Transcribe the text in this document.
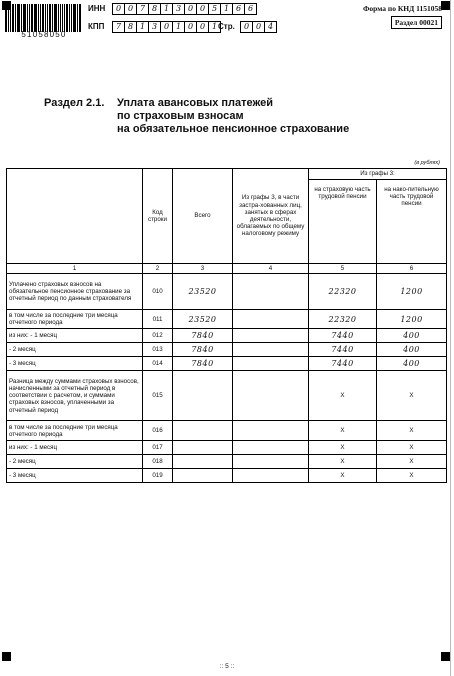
51058050
ИНН	0 0 7 8 1 3 0 0 5 1 6 6
КПП	7 8 1 3 0 1 0 0 1 Стр.	0 0 4
Форма по КНД 1151058
Раздел 00021
Раздел 2.1. Уплата авансовых платежей
по страховым взносам
на обязательное пенсионное страхование
(в рублях)
	Код строки	Всего	Из графы 3, в части застра-хованных лиц, занятых в сферах деятельности, облагаемых по общему налоговому режиму	Из графы 3:	
				на страховую часть трудовой пенсии	на нако-пительную часть трудовой пенсии
1	2	3	4	5	6
Уплачено страховых взносов на обязательное пенсионное страхование за отчетный период по данным страхователя	010	23520		22320	1200
в том числе за последние три месяца отчетного периода	011	23520		22320	1200
из них: - 1 месяц	012	7840		7440	400
- 2 месяц	013	7840		7440	400
- 3 месяц	014	7840		7440	400
Разница между суммами страховых взносов, начисленными за отчетный период в соответствии с расчетом, и суммами страховых взносов, уплаченными за отчетный период	015			X	X
в том числе за последние три месяца отчетного периода	016			X	X
из них: - 1 месяц	017			X	X
- 2 месяц	018			X	X
- 3 месяц	019			X	X
:: 5 ::
